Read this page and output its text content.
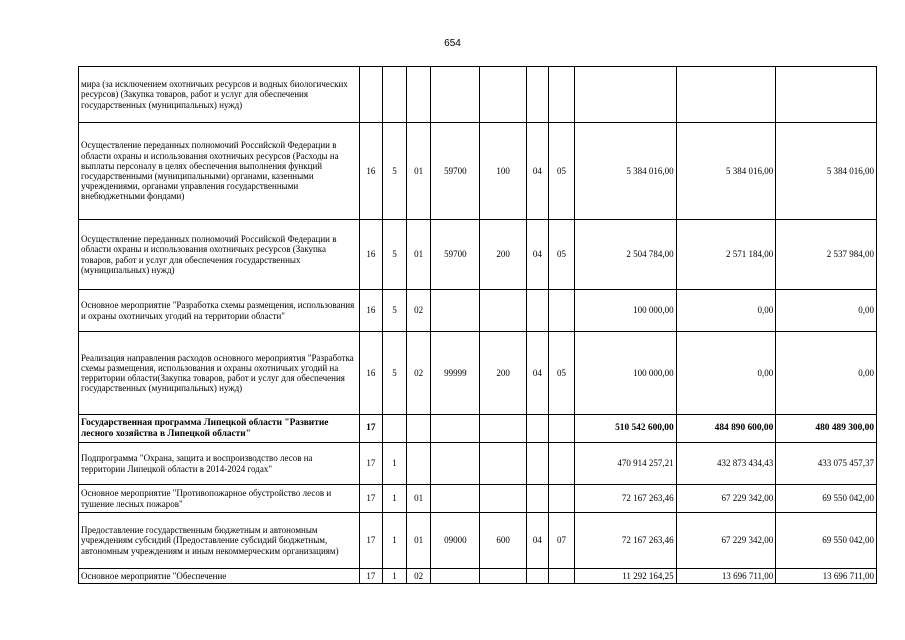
654
мира (за исключением охотничьих ресурсов и водных биологических ресурсов) (Закупка товаров, работ и услуг для обеспечения государственных (муниципальных) нужд)										
Осуществление переданных полномочий Российской Федерации в области охраны и использования охотничьих ресурсов (Расходы на выплаты персоналу в целях обеспечения выполнения функций государственными (муниципальными) органами, казенными учреждениями, органами управления государственными внебюджетными фондами)	16	5	01	59700	100	04	05	5 384 016,00	5 384 016,00	5 384 016,00
Осуществление переданных полномочий Российской Федерации в области охраны и использования охотничьих ресурсов (Закупка товаров, работ и услуг для обеспечения государственных (муниципальных) нужд)	16	5	01	59700	200	04	05	2 504 784,00	2 571 184,00	2 537 984,00
Основное мероприятие "Разработка схемы размещения, использования и охраны охотничьих угодий на территории области"	16	5	02					100 000,00	0,00	0,00
Реализация направления расходов основного мероприятия "Разработка схемы размещения, использования и охраны охотничьих угодий на территории области(Закупка товаров, работ и услуг для обеспечения государственных (муниципальных) нужд)	16	5	02	99999	200	04	05	100 000,00	0,00	0,00
Государственная программа Липецкой области "Развитие лесного хозяйства в Липецкой области"	17							510 542 600,00	484 890 600,00	480 489 300,00
Подпрограмма "Охрана, защита и воспроизводство лесов на территории Липецкой области в 2014-2024 годах"	17	1						470 914 257,21	432 873 434,43	433 075 457,37
Основное мероприятие "Противопожарное обустройство лесов и тушение лесных пожаров"	17	1	01					72 167 263,46	67 229 342,00	69 550 042,00
Предоставление государственным бюджетным и автономным учреждениям субсидий (Предоставление субсидий бюджетным, автономным учреждениям и иным некоммерческим организациям)	17	1	01	09000	600	04	07	72 167 263,46	67 229 342,00	69 550 042,00
Основное мероприятие "Обеспечение	17	1	02					11 292 164,25	13 696 711,00	13 696 711,00
